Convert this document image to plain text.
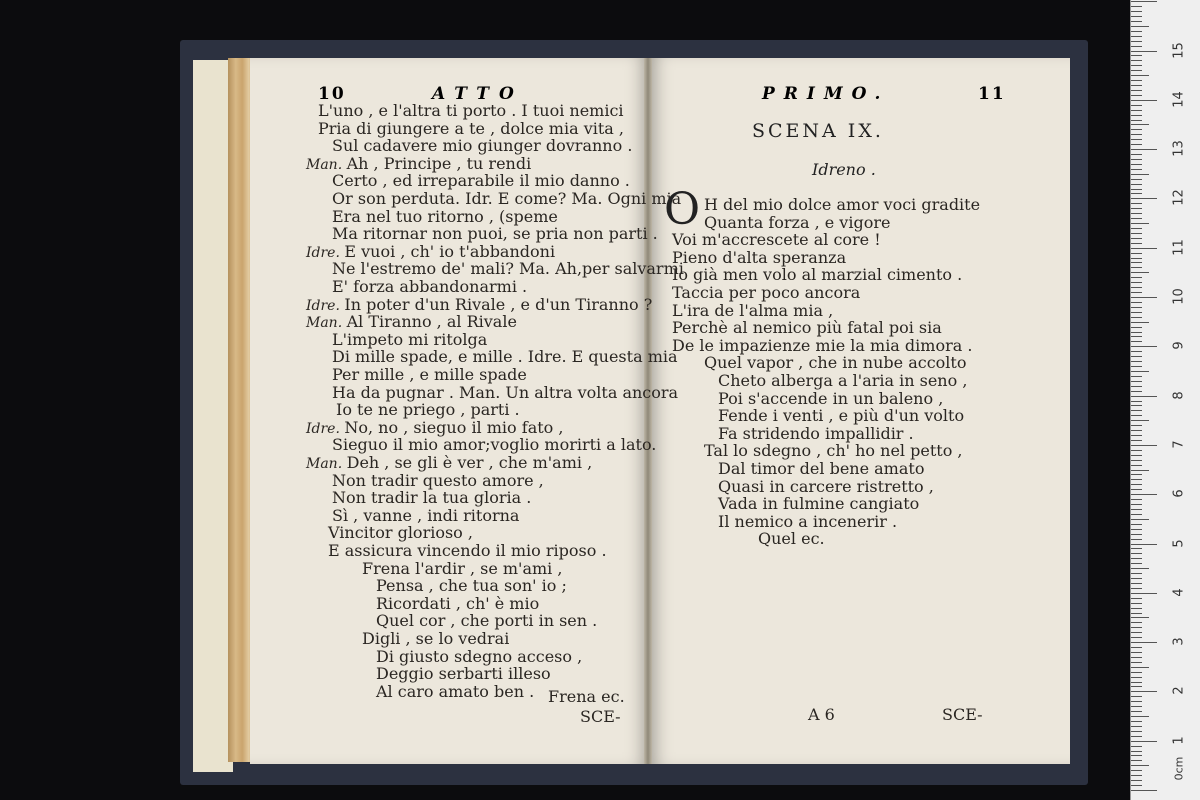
10	ATTO
L'uno , e l'altra ti porto . I tuoi nemici
Pria di giungere a te , dolce mia vita ,
Sul cadavere mio giunger dovranno .
Man. Ah , Principe , tu rendi
Certo , ed irreparabile il mio danno .
Or son perduta. Idr. E come? Ma. Ogni mia
Era nel tuo ritorno , (speme
Ma ritornar non puoi, se pria non parti .
Idre. E vuoi , ch' io t'abbandoni
Ne l'estremo de' mali? Ma. Ah,per salvarmi
E' forza abbandonarmi .
Idre. In poter d'un Rivale , e d'un Tiranno ?
Man. Al Tiranno , al Rivale
L'impeto mi ritolga
Di mille spade, e mille . Idre. E questa mia
Per mille , e mille spade
Ha da pugnar . Man. Un altra volta ancora
Io te ne priego , parti .
Idre. No, no , sieguo il mio fato ,
Sieguo il mio amor;voglio morirti a lato.
Man. Deh , se gli è ver , che m'ami ,
Non tradir questo amore ,
Non tradir la tua gloria .
Sì , vanne , indi ritorna
Vincitor glorioso ,
E assicura vincendo il mio riposo .
Frena l'ardir , se m'ami ,
Pensa , che tua son' io ;
Ricordati , ch' è mio
Quel cor , che porti in sen .
Digli , se lo vedrai
Di giusto sdegno acceso ,
Deggio serbarti illeso
Al caro amato ben . Frena ec.
SCE-
PRIMO.	11
SCENA IX.
Idreno .
O H del mio dolce amor voci gradite
Quanta forza , e vigore
Voi m'accrescete al core !
Pieno d'alta speranza
Io già men volo al marzial cimento .
Taccia per poco ancora
L'ira de l'alma mia ,
Perchè al nemico più fatal poi sia
De le impazienze mie la mia dimora .
Quel vapor , che in nube accolto
Cheto alberga a l'aria in seno ,
Poi s'accende in un baleno ,
Fende i venti , e più d'un volto
Fa stridendo impallidir .
Tal lo sdegno , ch' ho nel petto ,
Dal timor del bene amato
Quasi in carcere ristretto ,
Vada in fulmine cangiato
Il nemico a incenerir .
Quel ec.
A 6	SCE-
1
2
3
4
5
6
7
8
9
10
11
12
13
14
15
0cm
